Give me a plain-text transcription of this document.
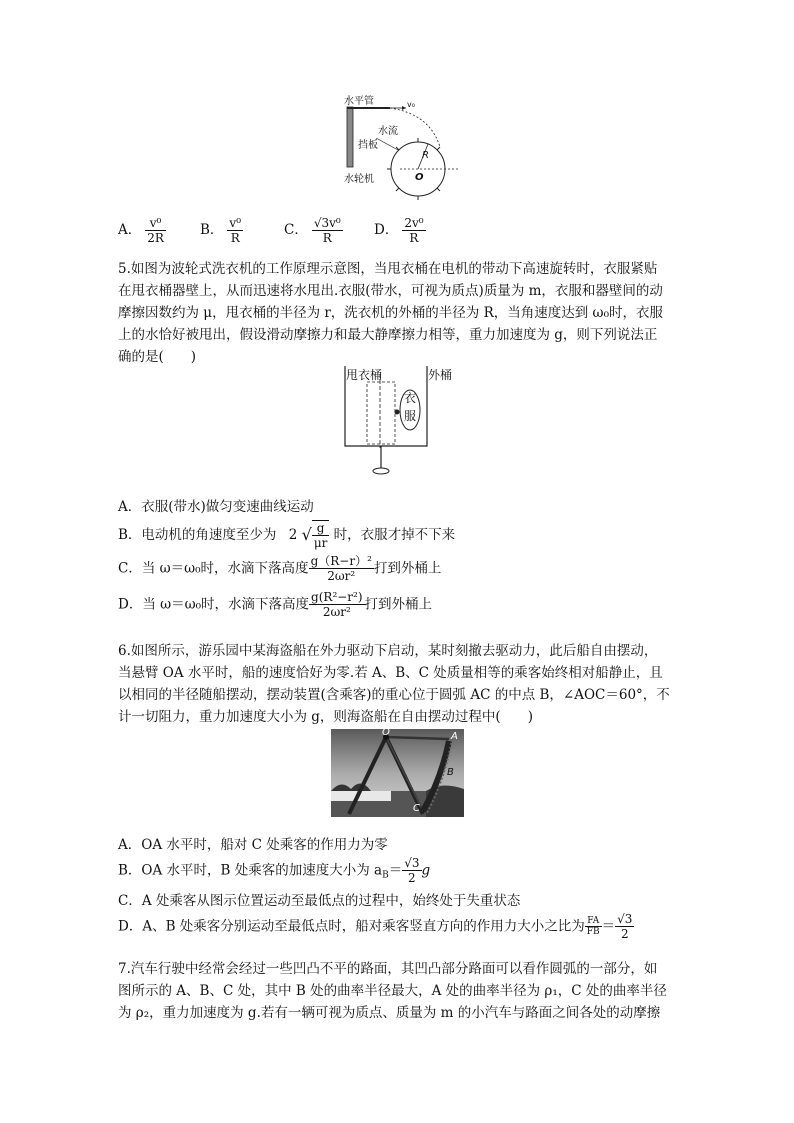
水平管	v₀
水流
挡板
R
水轮机	O
A． $\frac{\text{v⁰}}{2R}$	B． $\frac{\text{v⁰}}{R}$	C． $\frac{\text{√3v⁰}}{R}$ D． $\frac{\text{2v⁰}}{R}$
5.如图为波轮式洗衣机的工作原理示意图，当甩衣桶在电机的带动下高速旋转时，衣服紧贴
在甩衣桶器壁上，从而迅速将水甩出.衣服(带水，可视为质点)质量为 m，衣服和器壁间的动
摩擦因数约为 μ，甩衣桶的半径为 r，洗衣机的外桶的半径为 R，当角速度达到 ω₀时，衣服
上的水恰好被甩出，假设滑动摩擦力和最大静摩擦力相等，重力加速度为 g，则下列说法正
确的是(　　)
甩衣桶	外桶
衣
服
A．衣服(带水)做匀变速曲线运动
B．电动机的角速度至少为 2 √ $\frac{g}{\mu r}$ 时，衣服才掉不下来
C．当 ω＝ω₀时，水滴下落高度 $\frac{\text{g（R−r）²}}{\text{2ωr²}}$ 打到外桶上
D．当 ω＝ω₀时，水滴下落高度 $\frac{\text{g(R²−r²)}}{\text{2ωr²}}$ 打到外桶上
6.如图所示，游乐园中某海盗船在外力驱动下启动，某时刻撤去驱动力，此后船自由摆动，
当悬臂 OA 水平时，船的速度恰好为零.若 A、B、C 处质量相等的乘客始终相对船静止，且
以相同的半径随船摆动，摆动装置(含乘客)的重心位于圆弧 AC 的中点 B，∠AOC＝60°，不
计一切阻力，重力加速度大小为 g，则海盗船在自由摆动过程中(　　)
O	A
B
C
A．OA 水平时，船对 C 处乘客的作用力为零
B．OA 水平时，B 处乘客的加速度大小为 $a_B= \frac{√3}{2}$ g
C．A 处乘客从图示位置运动至最低点的过程中，始终处于失重状态
D．A、B 处乘客分别运动至最低点时，船对乘客竖直方向的作用力大小之比为 $\frac{FA}{FB} = \frac{√3}{2}$
7.汽车行驶中经常会经过一些凹凸不平的路面，其凹凸部分路面可以看作圆弧的一部分，如
图所示的 A、B、C 处，其中 B 处的曲率半径最大，A 处的曲率半径为 ρ₁，C 处的曲率半径
为 ρ₂，重力加速度为 g.若有一辆可视为质点、质量为 m 的小汽车与路面之间各处的动摩擦
